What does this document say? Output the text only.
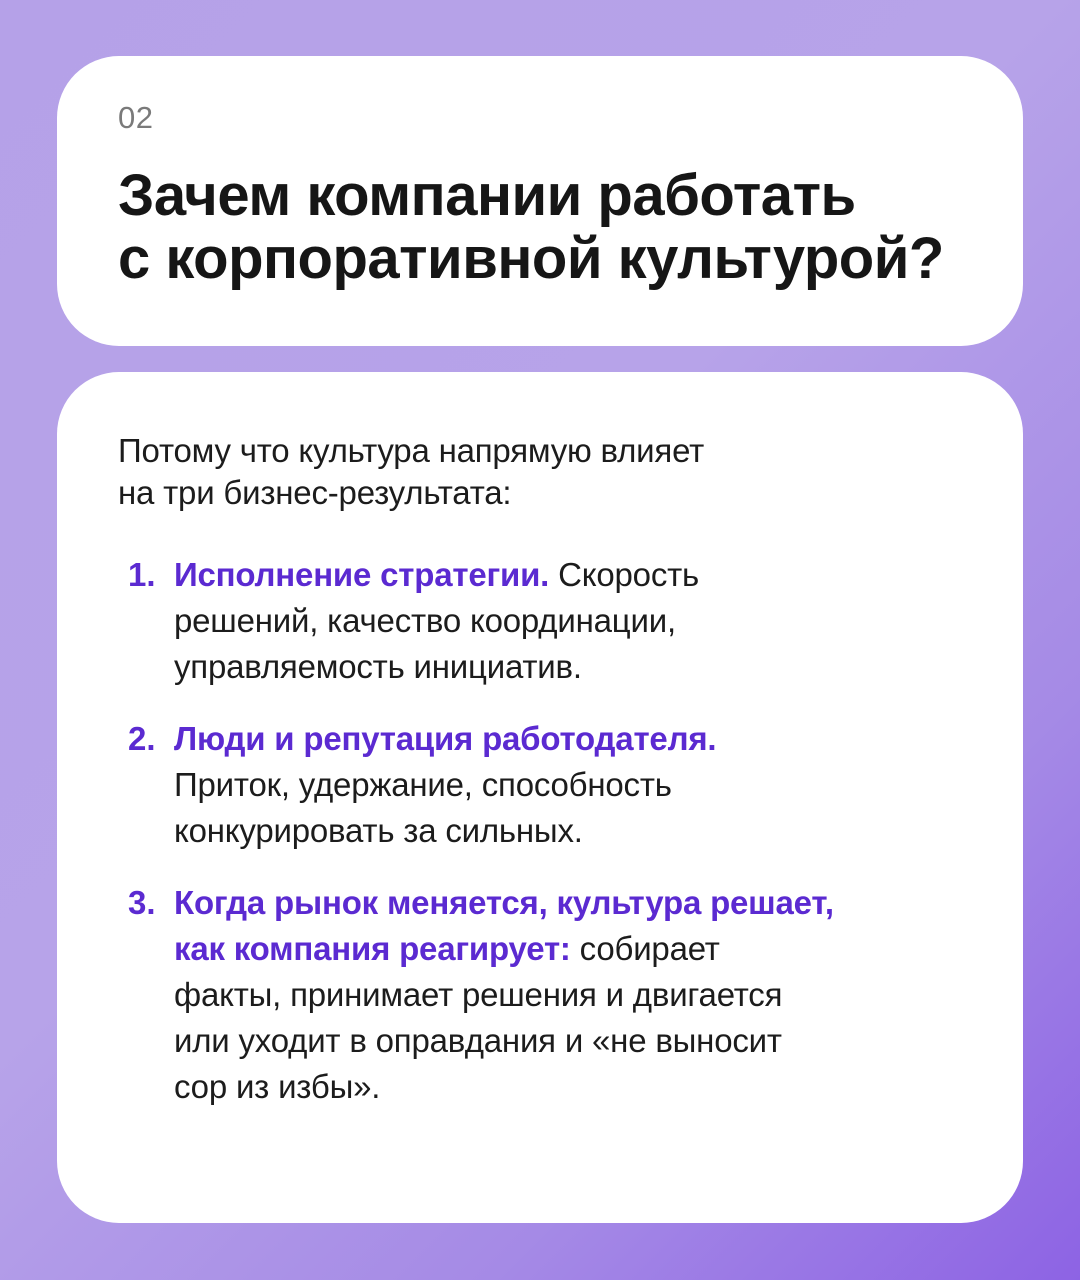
02
Зачем компании работать
с корпоративной культурой?
Потому что культура напрямую влияет
на три бизнес-результата:
1. Исполнение стратегии. Скорость
решений, качество координации,
управляемость инициатив.
2. Люди и репутация работодателя.
Приток, удержание, способность
конкурировать за сильных.
3. Когда рынок меняется, культура решает,
как компания реагирует: собирает
факты, принимает решения и двигается
или уходит в оправдания и «не выносит
сор из избы».
